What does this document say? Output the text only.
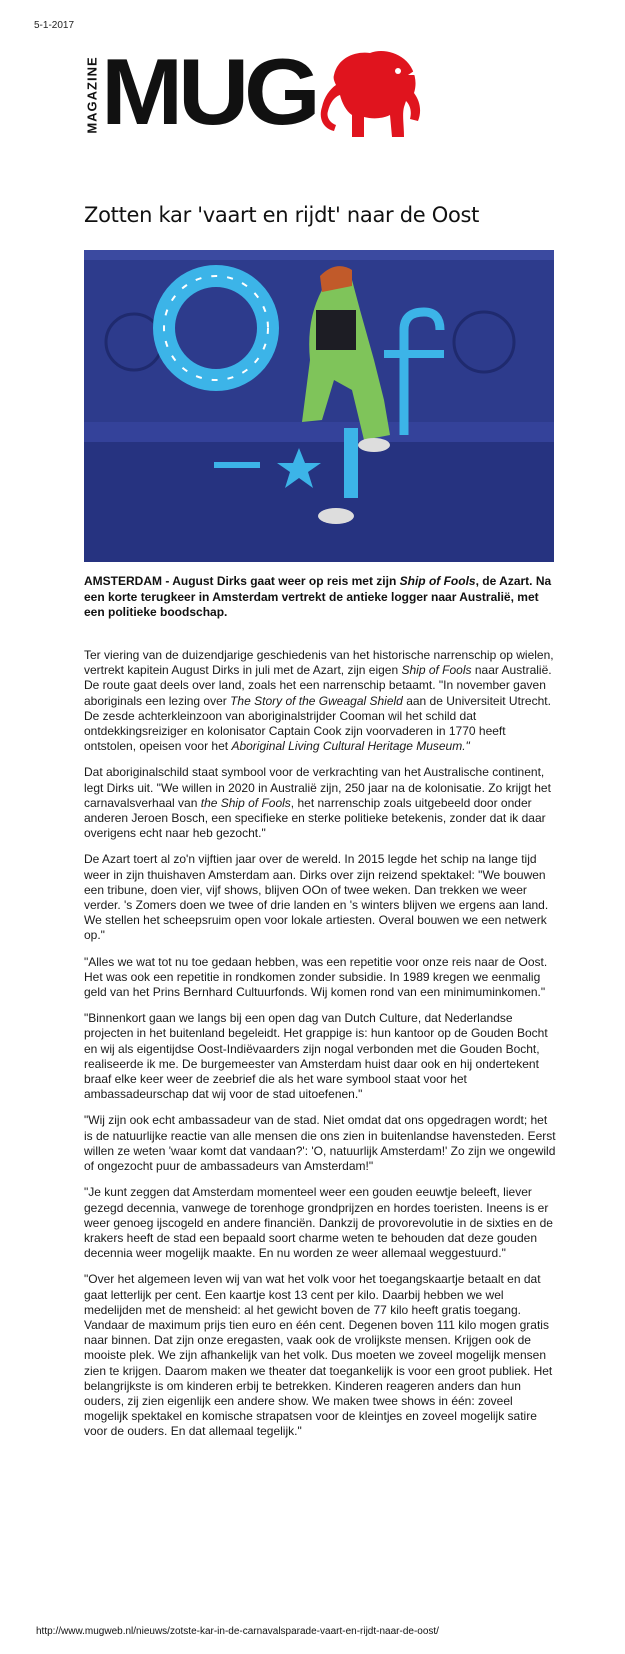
5-1-2017
MAGAZINE MUG
Zotten kar 'vaart en rijdt' naar de Oost

AMSTERDAM - August Dirks gaat weer op reis met zijn Ship of Fools, de Azart. Na een korte terugkeer in Amsterdam vertrekt de antieke logger naar Australië, met een politieke boodschap.

Ter viering van de duizendjarige geschiedenis van het historische narrenschip op wielen, vertrekt kapitein August Dirks in juli met de Azart, zijn eigen Ship of Fools naar Australië. De route gaat deels over land, zoals het een narrenschip betaamt. "In november gaven aboriginals een lezing over The Story of the Gweagal Shield aan de Universiteit Utrecht. De zesde achterkleinzoon van aboriginalstrijder Cooman wil het schild dat ontdekkingsreiziger en kolonisator Captain Cook zijn voorvaderen in 1770 heeft ontstolen, opeisen voor het Aboriginal Living Cultural Heritage Museum."

Dat aboriginalschild staat symbool voor de verkrachting van het Australische continent, legt Dirks uit. "We willen in 2020 in Australië zijn, 250 jaar na de kolonisatie. Zo krijgt het carnavalsverhaal van the Ship of Fools, het narrenschip zoals uitgebeeld door onder anderen Jeroen Bosch, een specifieke en sterke politieke betekenis, zonder dat ik daar overigens echt naar heb gezocht."

De Azart toert al zo'n vijftien jaar over de wereld. In 2015 legde het schip na lange tijd weer in zijn thuishaven Amsterdam aan. Dirks over zijn reizend spektakel: "We bouwen een tribune, doen vier, vijf shows, blijven OOn of twee weken. Dan trekken we weer verder. 's Zomers doen we twee of drie landen en 's winters blijven we ergens aan land. We stellen het scheepsruim open voor lokale artiesten. Overal bouwen we een netwerk op."

"Alles we wat tot nu toe gedaan hebben, was een repetitie voor onze reis naar de Oost. Het was ook een repetitie in rondkomen zonder subsidie. In 1989 kregen we eenmalig geld van het Prins Bernhard Cultuurfonds. Wij komen rond van een minimuminkomen."

"Binnenkort gaan we langs bij een open dag van Dutch Culture, dat Nederlandse projecten in het buitenland begeleidt. Het grappige is: hun kantoor op de Gouden Bocht en wij als eigentijdse Oost-Indiëvaarders zijn nogal verbonden met die Gouden Bocht, realiseerde ik me. De burgemeester van Amsterdam huist daar ook en hij ondertekent braaf elke keer weer de zeebrief die als het ware symbool staat voor het ambassadeurschap dat wij voor de stad uitoefenen."

"Wij zijn ook echt ambassadeur van de stad. Niet omdat dat ons opgedragen wordt; het is de natuurlijke reactie van alle mensen die ons zien in buitenlandse havensteden. Eerst willen ze weten 'waar komt dat vandaan?': 'O, natuurlijk Amsterdam!' Zo zijn we ongewild of ongezocht puur de ambassadeurs van Amsterdam!"

"Je kunt zeggen dat Amsterdam momenteel weer een gouden eeuwtje beleeft, liever gezegd decennia, vanwege de torenhoge grondprijzen en hordes toeristen. Ineens is er weer genoeg ijscogeld en andere financiën. Dankzij de provorevolutie in de sixties en de krakers heeft de stad een bepaald soort charme weten te behouden dat deze gouden decennia weer mogelijk maakte. En nu worden ze weer allemaal weggestuurd."

"Over het algemeen leven wij van wat het volk voor het toegangskaartje betaalt en dat gaat letterlijk per cent. Een kaartje kost 13 cent per kilo. Daarbij hebben we wel medelijden met de mensheid: al het gewicht boven de 77 kilo heeft gratis toegang. Vandaar de maximum prijs tien euro en één cent. Degenen boven 111 kilo mogen gratis naar binnen. Dat zijn onze eregasten, vaak ook de vrolijkste mensen. Krijgen ook de mooiste plek. We zijn afhankelijk van het volk. Dus moeten we zoveel mogelijk mensen zien te krijgen. Daarom maken we theater dat toegankelijk is voor een groot publiek. Het belangrijkste is om kinderen erbij te betrekken. Kinderen reageren anders dan hun ouders, zij zien eigenlijk een andere show. We maken twee shows in één: zoveel mogelijk spektakel en komische strapatsen voor de kleintjes en zoveel mogelijk satire voor de ouders. En dat allemaal tegelijk."

http://www.mugweb.nl/nieuws/zotste-kar-in-de-carnavalsparade-vaart-en-rijdt-naar-de-oost/
